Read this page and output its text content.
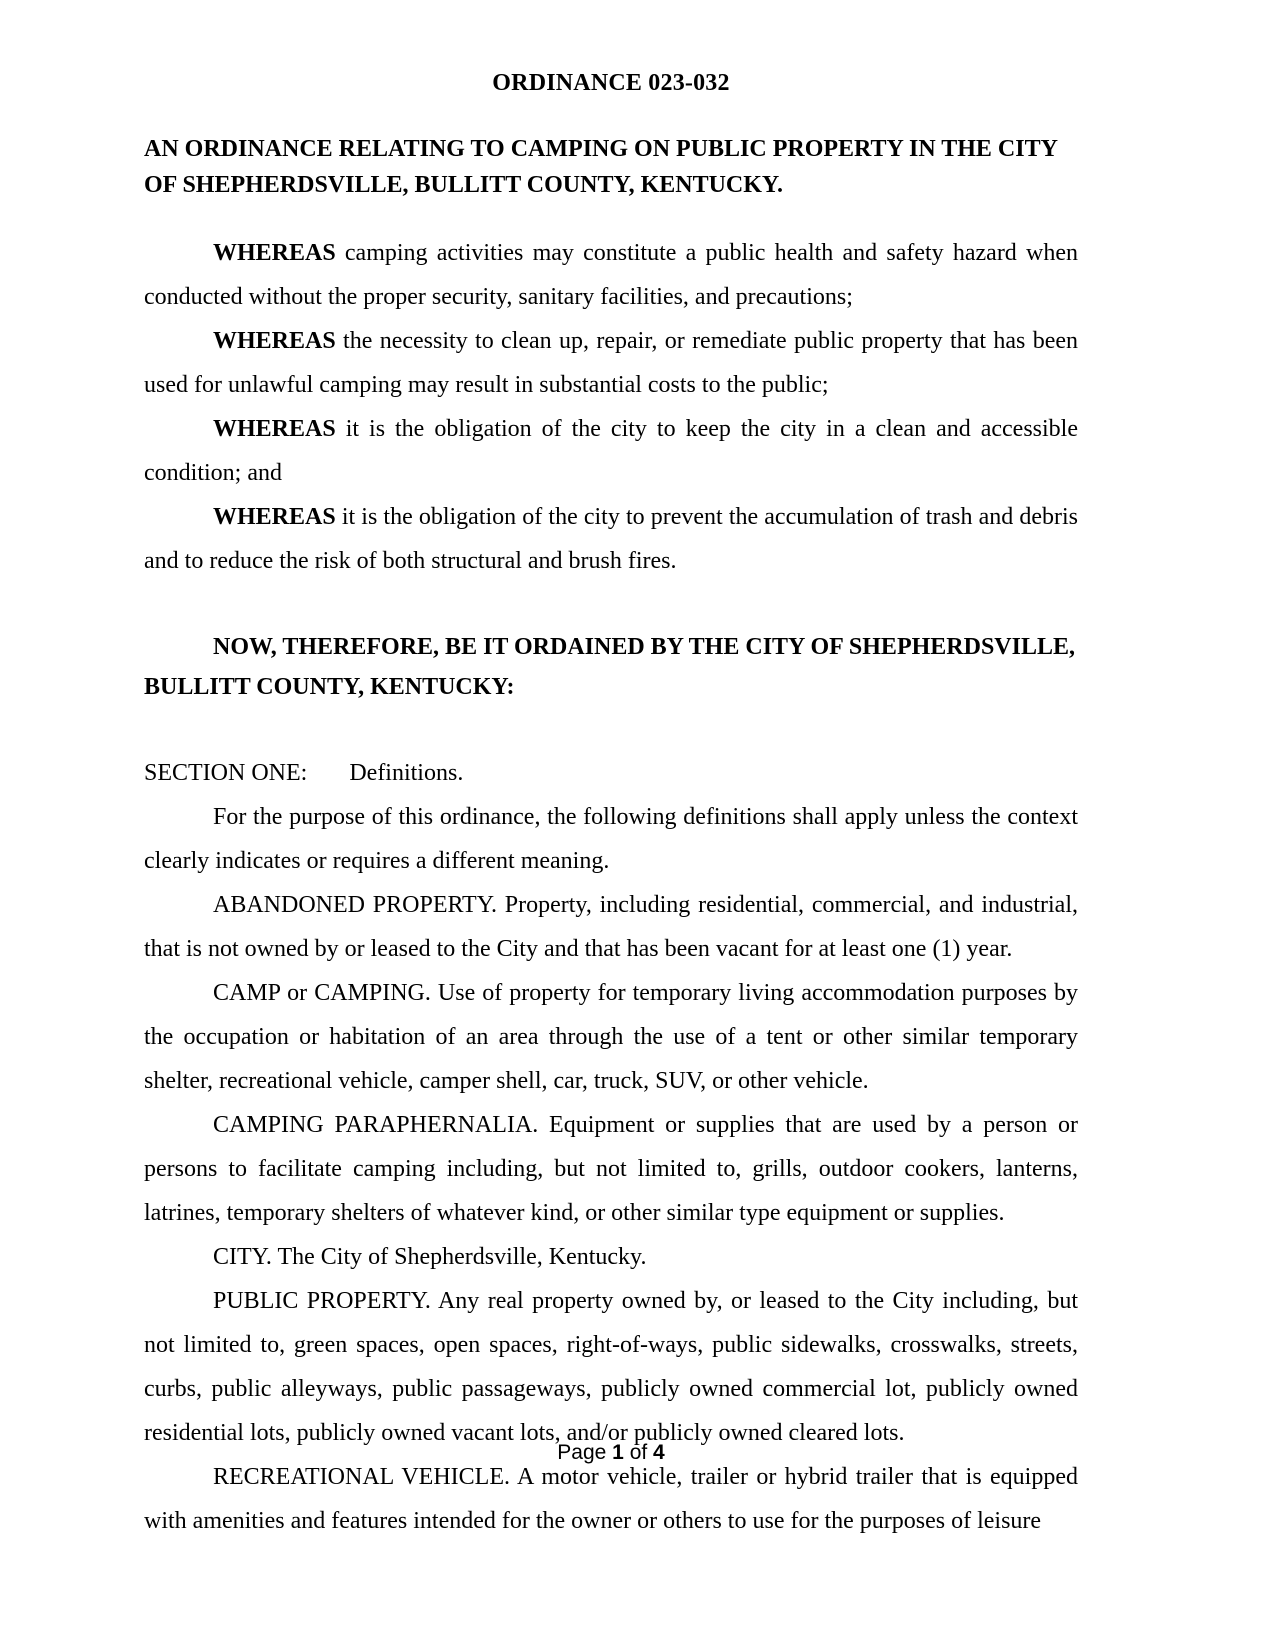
ORDINANCE 023-032
AN ORDINANCE RELATING TO CAMPING ON PUBLIC PROPERTY IN THE CITY OF SHEPHERDSVILLE, BULLITT COUNTY, KENTUCKY.

WHEREAS camping activities may constitute a public health and safety hazard when conducted without the proper security, sanitary facilities, and precautions;

WHEREAS the necessity to clean up, repair, or remediate public property that has been used for unlawful camping may result in substantial costs to the public;

WHEREAS it is the obligation of the city to keep the city in a clean and accessible condition; and

WHEREAS it is the obligation of the city to prevent the accumulation of trash and debris and to reduce the risk of both structural and brush fires.

NOW, THEREFORE, BE IT ORDAINED BY THE CITY OF SHEPHERDSVILLE, BULLITT COUNTY, KENTUCKY:

SECTION ONE: Definitions.

For the purpose of this ordinance, the following definitions shall apply unless the context clearly indicates or requires a different meaning.

ABANDONED PROPERTY. Property, including residential, commercial, and industrial, that is not owned by or leased to the City and that has been vacant for at least one (1) year.

CAMP or CAMPING. Use of property for temporary living accommodation purposes by the occupation or habitation of an area through the use of a tent or other similar temporary shelter, recreational vehicle, camper shell, car, truck, SUV, or other vehicle.

CAMPING PARAPHERNALIA. Equipment or supplies that are used by a person or persons to facilitate camping including, but not limited to, grills, outdoor cookers, lanterns, latrines, temporary shelters of whatever kind, or other similar type equipment or supplies.

CITY. The City of Shepherdsville, Kentucky.

PUBLIC PROPERTY. Any real property owned by, or leased to the City including, but not limited to, green spaces, open spaces, right-of-ways, public sidewalks, crosswalks, streets, curbs, public alleyways, public passageways, publicly owned commercial lot, publicly owned residential lots, publicly owned vacant lots, and/or publicly owned cleared lots.

RECREATIONAL VEHICLE. A motor vehicle, trailer or hybrid trailer that is equipped with amenities and features intended for the owner or others to use for the purposes of leisure

Page 1 of 4
